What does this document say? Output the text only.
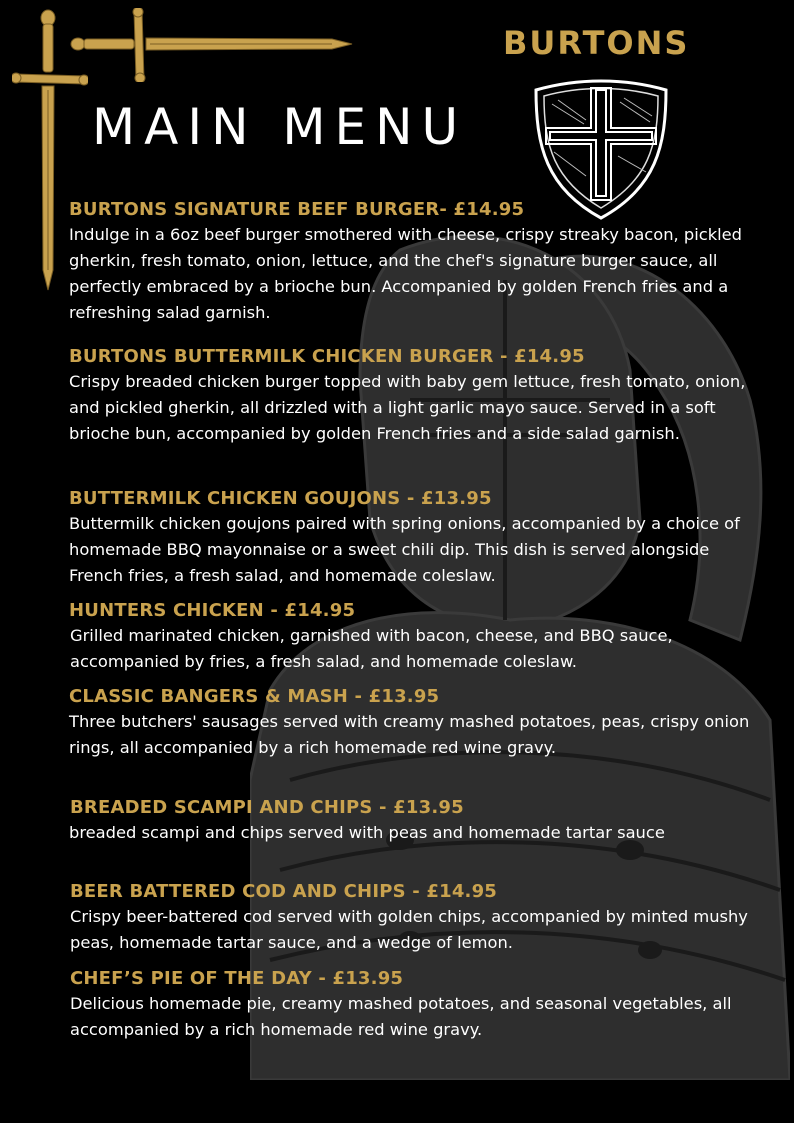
BURTONS
MAIN MENU
BURTONS SIGNATURE BEEF BURGER- £14.95
Indulge in a 6oz beef burger smothered with cheese, crispy streaky bacon, pickled gherkin, fresh tomato, onion, lettuce, and the chef's signature burger sauce, all perfectly embraced by a brioche bun. Accompanied by golden French fries and a refreshing salad garnish.
BURTONS BUTTERMILK CHICKEN BURGER - £14.95
Crispy breaded chicken burger topped with baby gem lettuce, fresh tomato, onion, and pickled gherkin, all drizzled with a light garlic mayo sauce. Served in a soft brioche bun, accompanied by golden French fries and a side salad garnish.
BUTTERMILK CHICKEN GOUJONS - £13.95
Buttermilk chicken goujons paired with spring onions, accompanied by a choice of homemade BBQ mayonnaise or a sweet chili dip. This dish is served alongside French fries, a fresh salad, and homemade coleslaw.
HUNTERS CHICKEN - £14.95
Grilled marinated chicken, garnished with bacon, cheese, and BBQ sauce, accompanied by fries, a fresh salad, and homemade coleslaw.
CLASSIC BANGERS & MASH - £13.95
Three butchers' sausages served with creamy mashed potatoes, peas, crispy onion rings, all accompanied by a rich homemade red wine gravy.
BREADED SCAMPI AND CHIPS - £13.95
breaded scampi and chips served with peas and homemade tartar sauce
BEER BATTERED COD AND CHIPS - £14.95
Crispy beer-battered cod served with golden chips, accompanied by minted mushy peas, homemade tartar sauce, and a wedge of lemon.
CHEF’S PIE OF THE DAY - £13.95
Delicious homemade pie, creamy mashed potatoes, and seasonal vegetables, all accompanied by a rich homemade red wine gravy.
